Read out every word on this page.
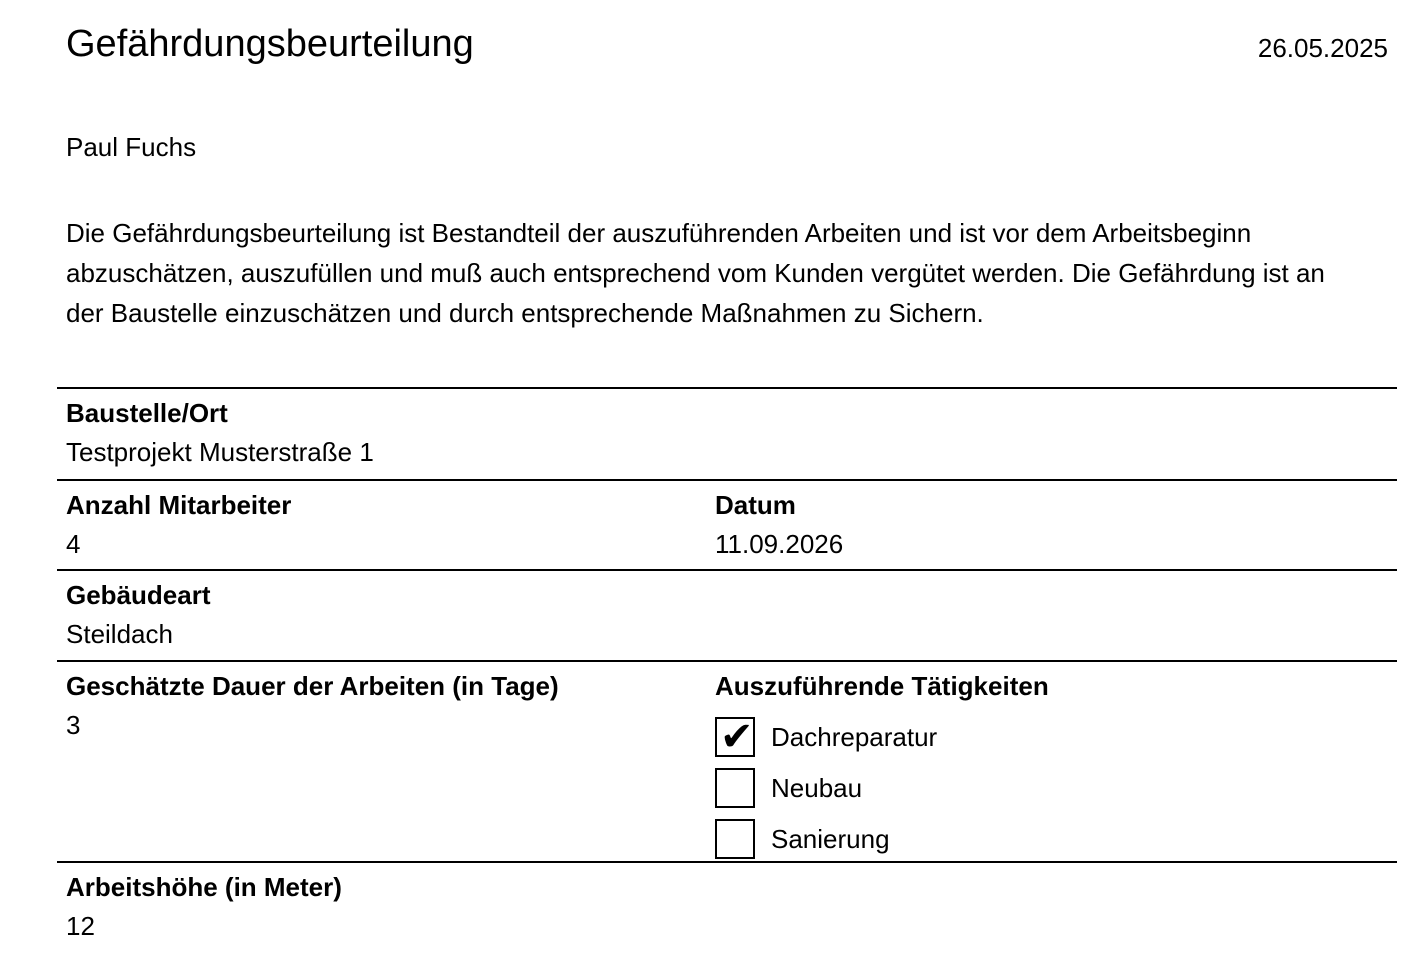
Gefährdungsbeurteilung	26.05.2025
Paul Fuchs

Die Gefährdungsbeurteilung ist Bestandteil der auszuführenden Arbeiten und ist vor dem Arbeitsbeginn abzuschätzen, auszufüllen und muß auch entsprechend vom Kunden vergütet werden. Die Gefährdung ist an der Baustelle einzuschätzen und durch entsprechende Maßnahmen zu Sichern.

Baustelle/Ort
Testprojekt Musterstraße 1
Anzahl Mitarbeiter
4
Datum
11.09.2026
Gebäudeart
Steildach
Geschätzte Dauer der Arbeiten (in Tage)
3
Auszuführende Tätigkeiten
✔ Dachreparatur
Neubau
Sanierung
Arbeitshöhe (in Meter)
12
